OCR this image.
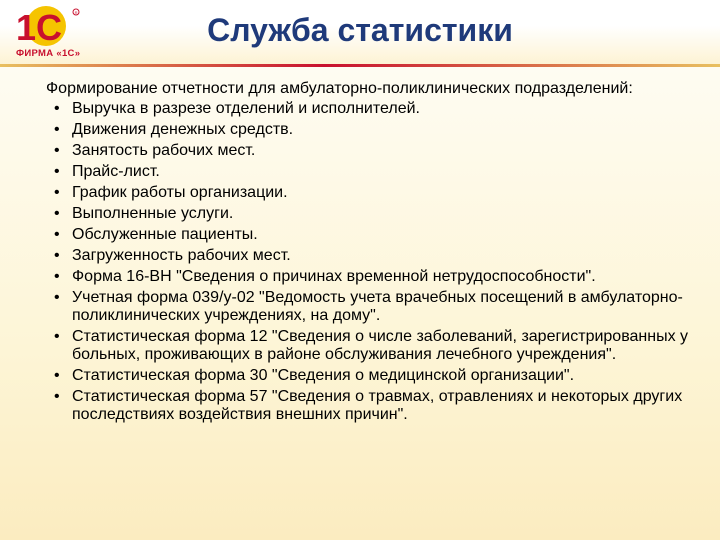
1С	R
ФИРМА «1С»
Служба статистики
Формирование отчетности для амбулаторно-поликлинических подразделений:
• Выручка в разрезе отделений и исполнителей.
• Движения денежных средств.
• Занятость рабочих мест.
• Прайс-лист.
• График работы организации.
• Выполненные услуги.
• Обслуженные пациенты.
• Загруженность рабочих мест.
• Форма 16-ВН "Сведения о причинах временной нетрудоспособности".
• Учетная форма 039/у-02 "Ведомость учета врачебных посещений в амбулаторно-поликлинических учреждениях, на дому".
• Статистическая форма 12 "Сведения о числе заболеваний, зарегистрированных у больных, проживающих в районе обслуживания лечебного учреждения".
• Статистическая форма 30 "Сведения о медицинской организации".
• Статистическая форма 57 "Сведения о травмах, отравлениях и некоторых других последствиях воздействия внешних причин".
